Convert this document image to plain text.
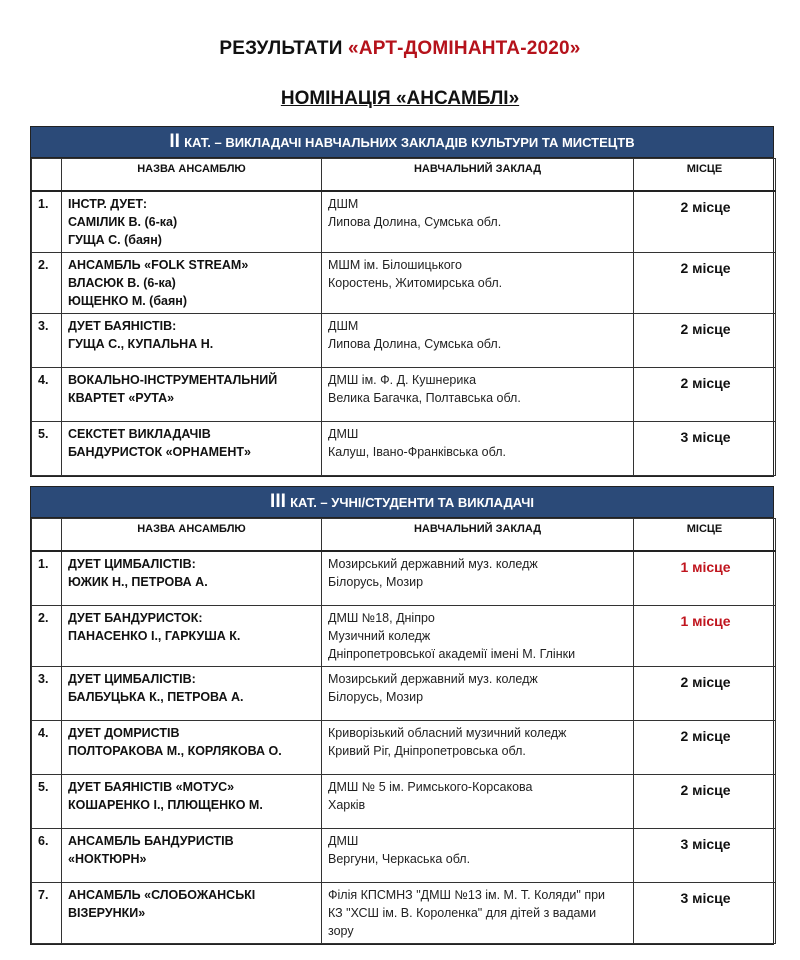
РЕЗУЛЬТАТИ «АРТ-ДОМІНАНТА-2020»
НОМІНАЦІЯ «АНСАМБЛІ»
ІІ КАТ. – ВИКЛАДАЧІ НАВЧАЛЬНИХ ЗАКЛАДІВ КУЛЬТУРИ ТА МИСТЕЦТВ
	НАЗВА АНСАМБЛЮ	НАВЧАЛЬНИЙ ЗАКЛАД	МІСЦЕ
1.	ІНСТР. ДУЕТ:
САМІЛИК В. (6-ка)
ГУЩА С. (баян)	ДШМ
Липова Долина, Сумська обл.	2 місце
2.	АНСАМБЛЬ «FOLK STREAM»
ВЛАСЮК В. (6-ка)
ЮЩЕНКО М. (баян)	МШМ ім. Білошицького
Коростень, Житомирська обл.	2 місце
3.	ДУЕТ БАЯНІСТІВ:
ГУЩА С., КУПАЛЬНА Н.	ДШМ
Липова Долина, Сумська обл.	2 місце
4.	ВОКАЛЬНО-ІНСТРУМЕНТАЛЬНИЙ
КВАРТЕТ «РУТА»	ДМШ ім. Ф. Д. Кушнерика
Велика Багачка, Полтавська обл.	2 місце
5.	СЕКСТЕТ ВИКЛАДАЧІВ
БАНДУРИСТОК «ОРНАМЕНТ»	ДМШ
Калуш, Івано-Франківська обл.	3 місце
ІІІ КАТ. – УЧНІ/СТУДЕНТИ ТА ВИКЛАДАЧІ
	НАЗВА АНСАМБЛЮ	НАВЧАЛЬНИЙ ЗАКЛАД	МІСЦЕ
1.	ДУЕТ ЦИМБАЛІСТІВ:
ЮЖИК Н., ПЕТРОВА А.	Мозирський державний муз. коледж
Білорусь, Мозир	1 місце
2.	ДУЕТ БАНДУРИСТОК:
ПАНАСЕНКО І., ГАРКУША К.	ДМШ №18, Дніпро
Музичний коледж
Дніпропетровської академії імені М. Глінки	1 місце
3.	ДУЕТ ЦИМБАЛІСТІВ:
БАЛБУЦЬКА К., ПЕТРОВА А.	Мозирський державний муз. коледж
Білорусь, Мозир	2 місце
4.	ДУЕТ ДОМРИСТІВ
ПОЛТОРАКОВА М., КОРЛЯКОВА О.	Криворізький обласний музичний коледж
Кривий Ріг, Дніпропетровська обл.	2 місце
5.	ДУЕТ БАЯНІСТІВ «МОТУС»
КОШАРЕНКО І., ПЛЮЩЕНКО М.	ДМШ № 5 ім. Римського-Корсакова
Харків	2 місце
6.	АНСАМБЛЬ БАНДУРИСТІВ
«НОКТЮРН»	ДМШ
Вергуни, Черкаська обл.	3 місце
7.	АНСАМБЛЬ «СЛОБОЖАНСЬКІ
ВІЗЕРУНКИ»	Філія КПСМНЗ "ДМШ №13 ім. М. Т. Коляди" при
КЗ "ХСШ ім. В. Короленка" для дітей з вадами
зору	3 місце
